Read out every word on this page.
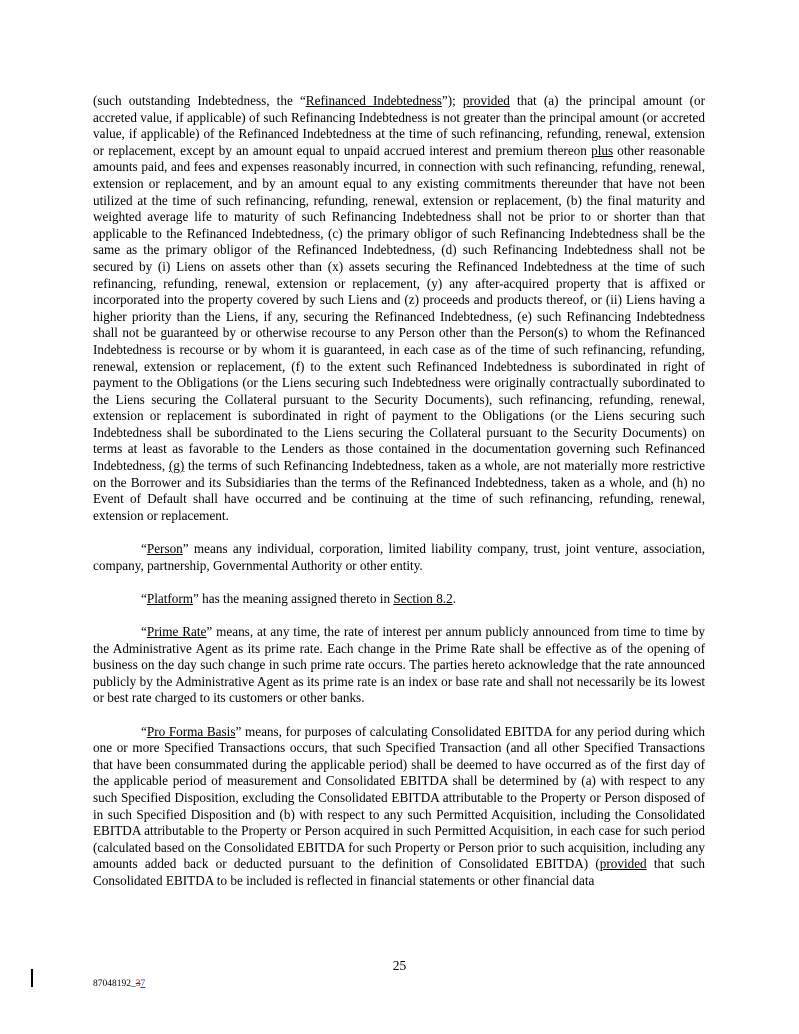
(such outstanding Indebtedness, the “Refinanced Indebtedness”); provided that (a) the principal amount (or accreted value, if applicable) of such Refinancing Indebtedness is not greater than the principal amount (or accreted value, if applicable) of the Refinanced Indebtedness at the time of such refinancing, refunding, renewal, extension or replacement, except by an amount equal to unpaid accrued interest and premium thereon plus other reasonable amounts paid, and fees and expenses reasonably incurred, in connection with such refinancing, refunding, renewal, extension or replacement, and by an amount equal to any existing commitments thereunder that have not been utilized at the time of such refinancing, refunding, renewal, extension or replacement, (b) the final maturity and weighted average life to maturity of such Refinancing Indebtedness shall not be prior to or shorter than that applicable to the Refinanced Indebtedness, (c) the primary obligor of such Refinancing Indebtedness shall be the same as the primary obligor of the Refinanced Indebtedness, (d) such Refinancing Indebtedness shall not be secured by (i) Liens on assets other than (x) assets securing the Refinanced Indebtedness at the time of such refinancing, refunding, renewal, extension or replacement, (y) any after-acquired property that is affixed or incorporated into the property covered by such Liens and (z) proceeds and products thereof, or (ii) Liens having a higher priority than the Liens, if any, securing the Refinanced Indebtedness, (e) such Refinancing Indebtedness shall not be guaranteed by or otherwise recourse to any Person other than the Person(s) to whom the Refinanced Indebtedness is recourse or by whom it is guaranteed, in each case as of the time of such refinancing, refunding, renewal, extension or replacement, (f) to the extent such Refinanced Indebtedness is subordinated in right of payment to the Obligations (or the Liens securing such Indebtedness were originally contractually subordinated to the Liens securing the Collateral pursuant to the Security Documents), such refinancing, refunding, renewal, extension or replacement is subordinated in right of payment to the Obligations (or the Liens securing such Indebtedness shall be subordinated to the Liens securing the Collateral pursuant to the Security Documents) on terms at least as favorable to the Lenders as those contained in the documentation governing such Refinanced Indebtedness, (g) the terms of such Refinancing Indebtedness, taken as a whole, are not materially more restrictive on the Borrower and its Subsidiaries than the terms of the Refinanced Indebtedness, taken as a whole, and (h) no Event of Default shall have occurred and be continuing at the time of such refinancing, refunding, renewal, extension or replacement.

“Person” means any individual, corporation, limited liability company, trust, joint venture, association, company, partnership, Governmental Authority or other entity.

“Platform” has the meaning assigned thereto in Section 8.2.

“Prime Rate” means, at any time, the rate of interest per annum publicly announced from time to time by the Administrative Agent as its prime rate. Each change in the Prime Rate shall be effective as of the opening of business on the day such change in such prime rate occurs. The parties hereto acknowledge that the rate announced publicly by the Administrative Agent as its prime rate is an index or base rate and shall not necessarily be its lowest or best rate charged to its customers or other banks.

“Pro Forma Basis” means, for purposes of calculating Consolidated EBITDA for any period during which one or more Specified Transactions occurs, that such Specified Transaction (and all other Specified Transactions that have been consummated during the applicable period) shall be deemed to have occurred as of the first day of the applicable period of measurement and Consolidated EBITDA shall be determined by (a) with respect to any such Specified Disposition, excluding the Consolidated EBITDA attributable to the Property or Person disposed of in such Specified Disposition and (b) with respect to any such Permitted Acquisition, including the Consolidated EBITDA attributable to the Property or Person acquired in such Permitted Acquisition, in each case for such period (calculated based on the Consolidated EBITDA for such Property or Person prior to such acquisition, including any amounts added back or deducted pursuant to the definition of Consolidated EBITDA) (provided that such Consolidated EBITDA to be included is reflected in financial statements or other financial data

25
87048192_37
